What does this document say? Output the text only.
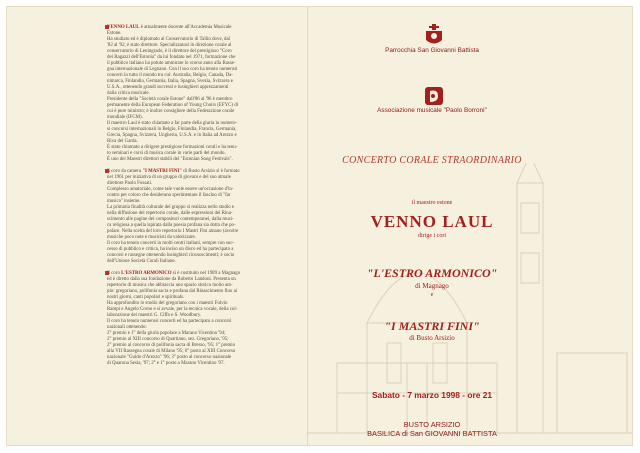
VENNO LAUL è attualmente docente all'Accademia Musicale

Estone.

Ha studiato ed è diplomato al Conservatorio di Tallin dove, dal

'82 al '92, è stato direttore. Specializzatosi in direzione corale al

conservatorio di Leningrado, è il direttore del prestigioso "Coro

dei Ragazzi dell'Estonia" da lui fondato nel 1971, formazione che

il pubblico italiano ha potuto ammirare lo scorso anno alla Rasse-

gna internazionale di Legnano. Con il suo coro ha tenuto numerosi

concerti in tutto il mondo tra cui: Australia, Belgio, Canada, Da-

nimarca, Finlandia, Germania, Italia, Spagna, Svezia, Svizzera e

U.S.A., ottenendo grandi successi e lusinghieri apprezzamenti

dalla critica musicale.

Presidente della "Società corale Estone" dall'86 al '96 è membro

permanente della European Federation of Young Choirs (EFYC) di

cui è pure ministro; è inoltre consigliere della Federazione corale

mondiale (IFCM).

Il maestro Laul è stato chiamato a far parte della giuria in numero-

si concorsi internazionali in Belgio, Finlandia, Francia, Germania,

Grecia, Spagna, Svizzera, Ungheria, U.S.A. e in Italia ad Arezzo e

Riva del Garda.

È stato chiamato a dirigere prestigiose formazioni corali e ha tenu-

to seminari e corsi di musica corale in varie parti del mondo.

È uno dei Maestri direttori stabili del "Estonian Song Festivals".

Il coro da camera "I MASTRI FINI" di Busto Arsizio si è formato

nel 1961 per iniziativa di un gruppo di giovani e del suo attuale

direttore Paolo Fossati.

Complesso amatoriale, come tale vuole essere un'occasione d'in-

contro per coloro che desiderano sperimentare il fascino di "far

musica" insieme.

La primaria finalità culturale del gruppo si realizza nello studio e

nella diffusione del repertorio corale, dalle espressioni del Rina-

scimento alle pagine dei compositori contemporanei, dalla musi-

ca religiosa a quella ispirata dalla poesia profana sia dotta che po-

polare. Nella scelta del loro repertorio I Mastri Fini amano (avorire

musiche poco note e musicisti da valorizzare.

Il coro ha tenuto concerti in molti centri italiani, sempre con suc-

cesso di pubblico e critica, ha inciso un disco ed ha partecipato a

concorsi e rassegne ottenendo lusinghieri riconoscimenti; è socio

dell'Unione Società Corali Italiane.

Il coro L'ESTRO ARMONICO si è costituito nel 1989 a Magnago

ed è diretto dalla sua fondazione da Roberto Landoni. Presenta un

repertorio di musica che abbraccia uno spazio storico molto am-

pio: gregoriano, polifonia sacra e profana dal Rinascimento fino ai

nostri giorni, canti popolari e spirituals.

Ha approfondito lo studio del gregoriano con i maestri Fulvio

Rampi e Angelo Corno e si avvale, per la tecnica vocale, della col-

laborazione dei maestri G. Ciffo e S. Woodbury.

Il coro ha tenuto numerosi concerti ed ha partecipato a concorsi

nazionali ottenendo:

2° premio e 1° della giuria popolare a Marano Vicentino '94;

2° premio al XIII concorso di Quartiano, sez. Gregoriano, '95;

2° premio al concorso di polifonia sacra di Bresso, '95; 1° premio

alla VII Rassegna corale di Milano '95; 6° posto al XIII Concorso

nazionale "Guido d'Arezzo" '96; 3° posto al concorso nazionale

di Quarona Sesia, '97; 2° e 1° posto a Marano Vicentino '97.

Parrocchia San Giovanni Battista
Associazione musicale "Paolo Borroni"
CONCERTO CORALE STRAORDINARIO
il maestro estone
VENNO LAUL
dirige i cori
"L'ESTRO ARMONICO"
di Magnago
e
"I MASTRI FINI"
di Busto Arsizio
Sabato - 7 marzo 1998 - ore 21
BUSTO ARSIZIO
BASILICA di San GIOVANNI BATTISTA
